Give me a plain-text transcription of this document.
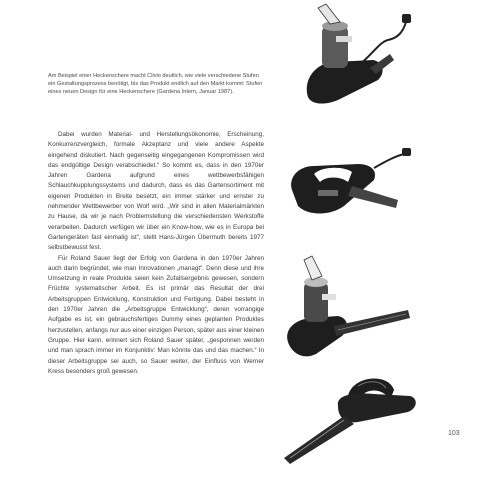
Am Beispiel einer Heckenschere macht Clivio deutlich, wie viele verschiedene Stufen ein Gestaltungsprozess benötigt, bis das Produkt endlich auf den Markt kommt: Stufen eines neuen Design für eine Heckenschere (Gardena Intern, Januar 1987).

Dabei wurden Material- und Herstellungsökonomie, Erscheinung, Konkurrenzvergleich, formale Akzeptanz und viele andere Aspekte eingehend diskutiert. Nach gegenseitig eingegangenen Kompromissen wird das endgültige Design verabschiedet.“ So kommt es, dass in den 1970er Jahren Gardena aufgrund eines wettbewerbsfähigen Schlauchkupplungssystems und dadurch, dass es das Gartensortiment mit eigenen Produkten in Breite besetzt, ein immer stärker und ernster zu nehmender Wettbewerber von Wolf wird. „Wir sind in allen Materialmärkten zu Hause, da wir je nach Problemstellung die verschiedensten Werkstoffe verarbeiten. Dadurch verfügen wir über ein Know-how, wie es in Europa bei Gartengeräten fast einmalig ist“, stellt Hans-Jürgen Übermuth bereits 1977 selbstbewusst fest.

Für Roland Sauer liegt der Erfolg von Gardena in den 1970er Jahren auch darin begründet, wie man Innovationen „managt“. Denn diese und ihre Umsetzung in reale Produkte seien kein Zufallsergebnis gewesen, sondern Früchte systematischer Arbeit. Es ist primär das Resultat der drei Arbeitsgruppen Entwicklung, Konstruktion und Fertigung. Dabei besteht in den 1970er Jahren die „Arbeitsgruppe Entwicklung“, deren vorrangige Aufgabe es ist, ein gebrauchsfertiges Dummy eines geplanten Produktes herzustellen, anfangs nur aus einer einzigen Person, später aus einer kleinen Gruppe. Hier kann, erinnert sich Roland Sauer später, „gesponnen werden und man sprach immer im Konjunktiv: Man könnte das und das machen.“ In dieser Arbeitsgruppe sei auch, so Sauer weiter, der Einfluss von Werner Kress besonders groß gewesen.

103
